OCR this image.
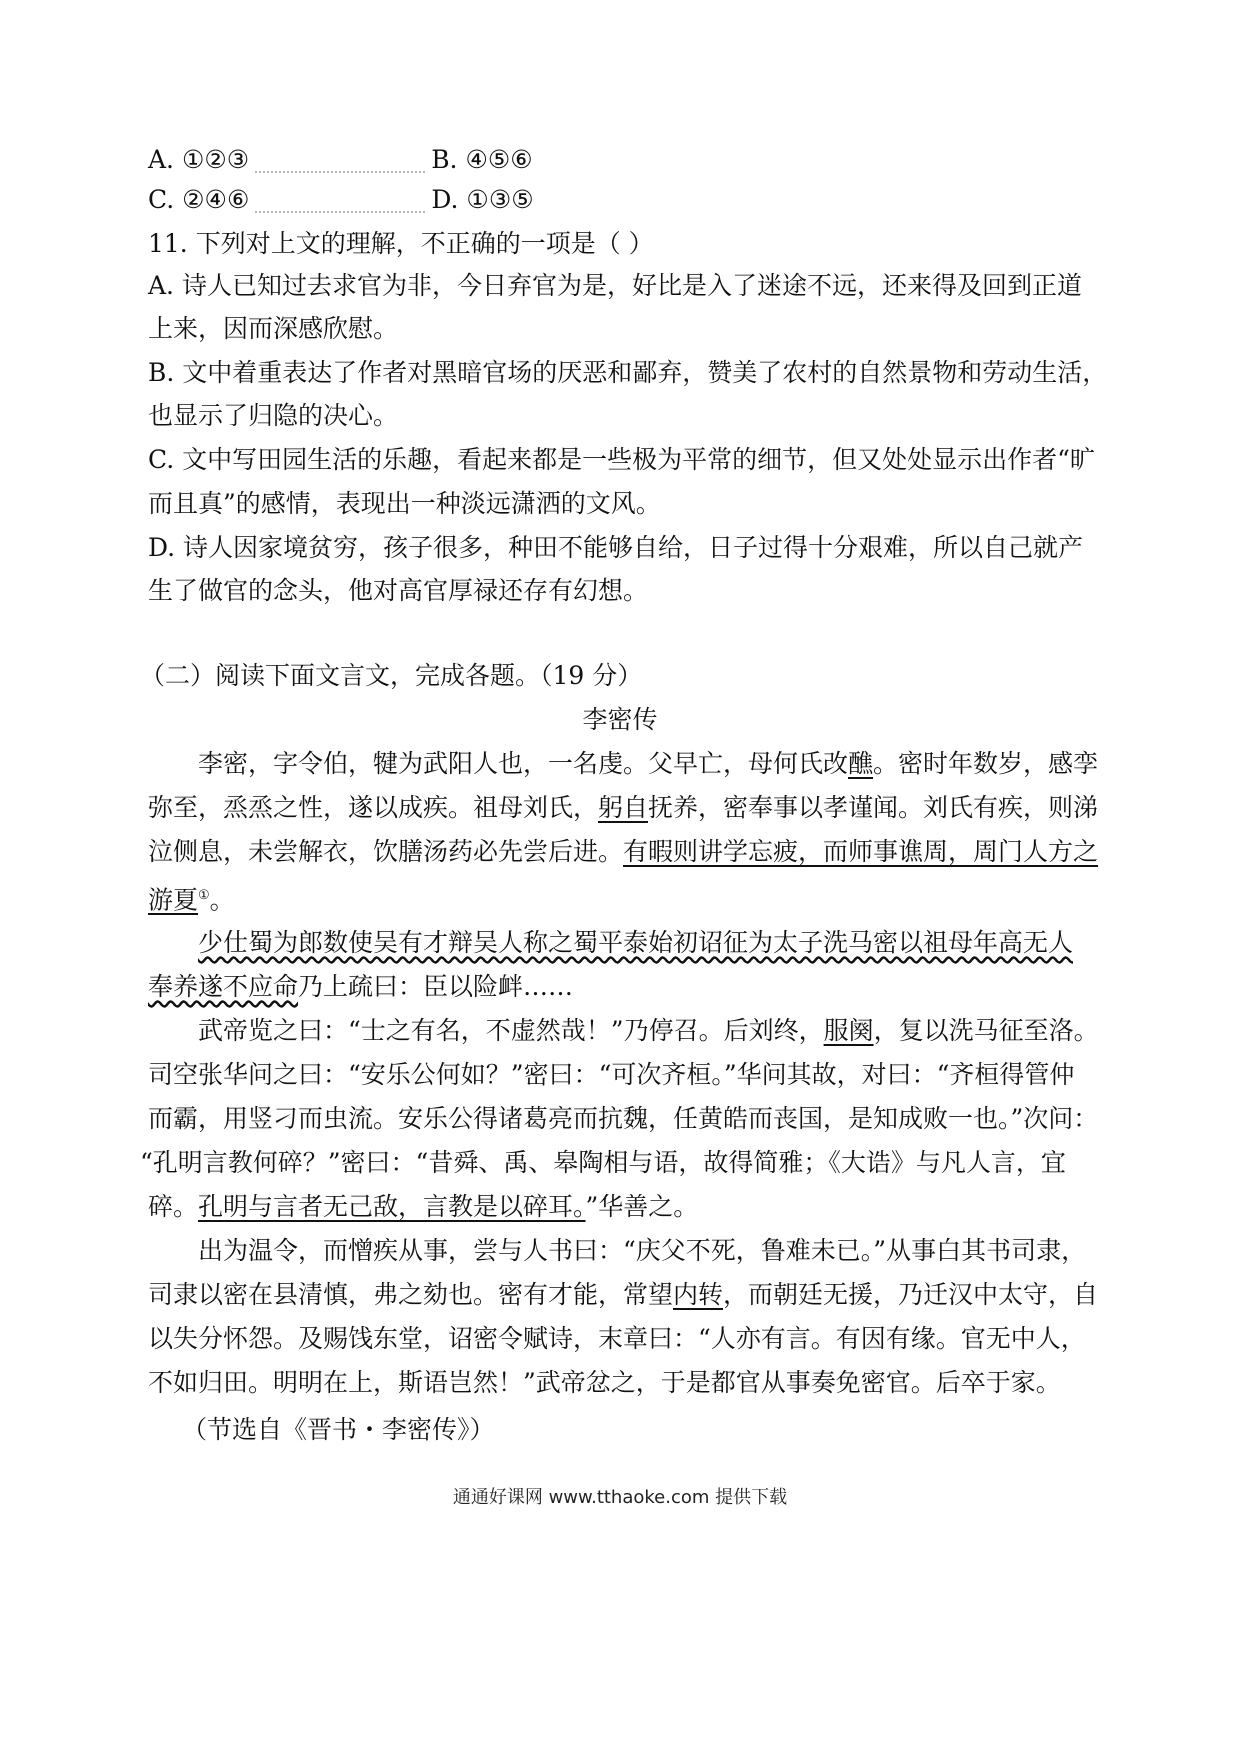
A. ①②③	B. ④⑤⑥
C. ②④⑥	D. ①③⑤
11. 下列对上文的理解，不正确的一项是（ ）
A. 诗人已知过去求官为非，今日弃官为是，好比是入了迷途不远，还来得及回到正道
上来，因而深感欣慰。
B. 文中着重表达了作者对黑暗官场的厌恶和鄙弃，赞美了农村的自然景物和劳动生活，
也显示了归隐的决心。
C. 文中写田园生活的乐趣，看起来都是一些极为平常的细节，但又处处显示出作者“旷
而且真”的感情，表现出一种淡远潇洒的文风。
D. 诗人因家境贫穷，孩子很多，种田不能够自给，日子过得十分艰难，所以自己就产
生了做官的念头，他对高官厚禄还存有幻想。
（二）阅读下面文言文，完成各题。（19 分）
李密传
李密，字令伯，犍为武阳人也，一名虔。父早亡，母何氏改醮。密时年数岁，感孪
弥至，烝烝之性，遂以成疾。祖母刘氏，躬自抚养，密奉事以孝谨闻。刘氏有疾，则涕
泣侧息，未尝解衣，饮膳汤药必先尝后进。有暇则讲学忘疲，而师事谯周，周门人方之
游夏①。
少仕蜀为郎数使吴有才辩吴人称之蜀平泰始初诏征为太子洗马密以祖母年高无人
奉养遂不应命乃上疏曰：臣以险衅……
武帝览之曰：“士之有名，不虚然哉！”乃停召。后刘终，服阕，复以洗马征至洛。
司空张华问之曰：“安乐公何如？”密曰：“可次齐桓。”华问其故，对曰：“齐桓得管仲
而霸，用竖刁而虫流。安乐公得诸葛亮而抗魏，任黄皓而丧国，是知成败一也。”次问：
“孔明言教何碎？”密曰：“昔舜、禹、皋陶相与语，故得简雅；《大诰》与凡人言，宜
碎。孔明与言者无己敌，言教是以碎耳。”华善之。
出为温令，而憎疾从事，尝与人书曰：“庆父不死，鲁难未已。”从事白其书司隶，
司隶以密在县清慎，弗之劾也。密有才能，常望内转，而朝廷无援，乃迁汉中太守，自
以失分怀怨。及赐饯东堂，诏密令赋诗，末章曰：“人亦有言。有因有缘。官无中人，
不如归田。明明在上，斯语岂然！”武帝忿之，于是都官从事奏免密官。后卒于家。
（节选自《晋书・李密传》）
通通好课网 www.tthaoke.com 提供下载
